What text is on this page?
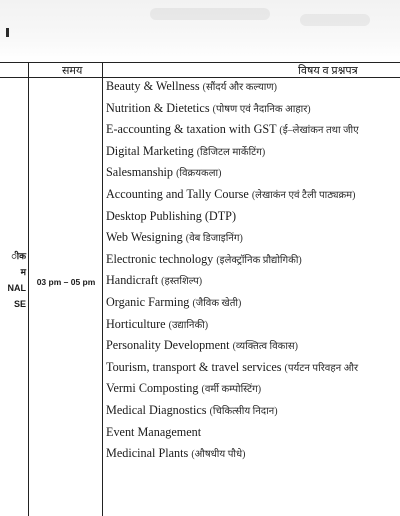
समय	विषय व प्रश्नपत्र
ीक
म
NAL
SE
03 pm – 05 pm
Beauty & Wellness (सौंदर्य और कल्याण)
Nutrition & Dietetics (पोषण एवं नैदानिक आहार)
E-accounting & taxation with GST (ई–लेखांकन तथा जीए
Digital Marketing (डिजिटल मार्केटिंग)
Salesmanship (विक्रयकला)
Accounting and Tally Course (लेखाकंन एवं टैली पाठ्यक्रम)
Desktop Publishing (DTP)
Web Wesigning (वेब डिजाइनिंग)
Electronic technology (इलेक्ट्रॉनिक प्रौद्योगिकी)
Handicraft (हस्तशिल्प)
Organic Farming (जैविक खेती)
Horticulture (उद्यानिकी)
Personality Development (व्यक्तित्व विकास)
Tourism, transport & travel services (पर्यटन परिवहन और
Vermi Composting (वर्मी कम्पोस्टिंग)
Medical Diagnostics (चिकित्सीय निदान)
Event Management
Medicinal Plants (औषधीय पौधे)
